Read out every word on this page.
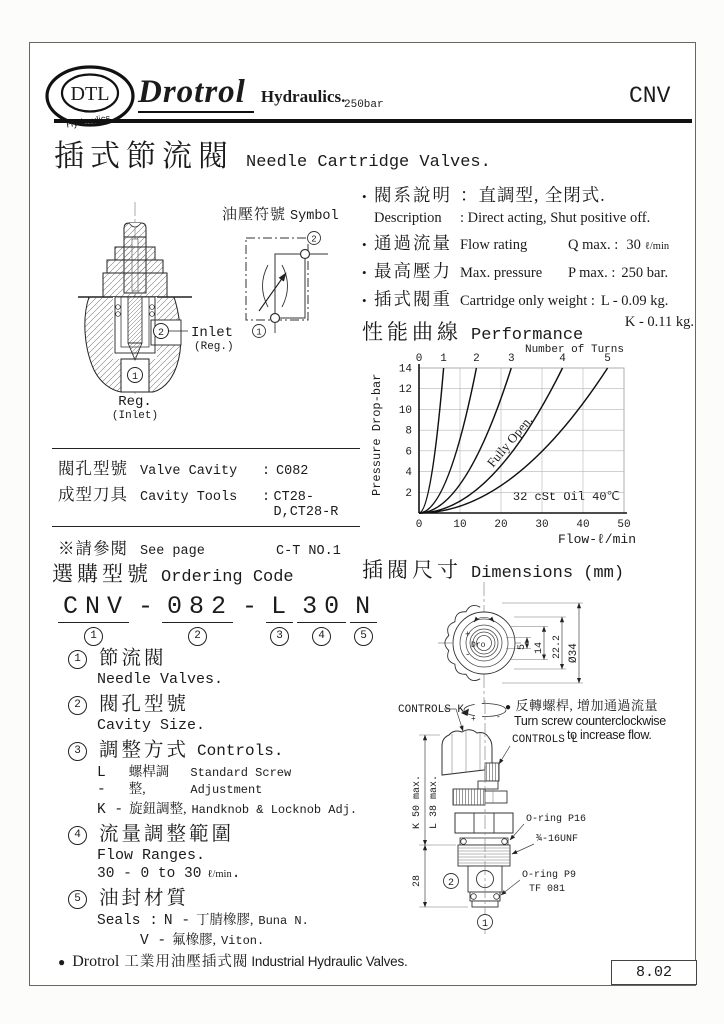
DTL Drotrol Hydraulics.
250bar	CNV
插式節流閥 Needle Cartridge Valves.
2 Inlet
(Reg.)
1
Reg.
(Inlet)
油壓符號 Symbol
2
1
• 閥系說明 ：直調型, 全閉式.
Description	: Direct acting, Shut positive off.
• 通過流量 Flow rating	Q max. : 30 ℓ/min
• 最高壓力 Max. pressure	P max. : 250 bar.
• 插式閥重 Cartridge only weight : L - 0.09 kg.
K - 0.11 kg.
性能曲線 Performance
Number of Turns
Pressure Drop-bar
Flow-ℓ/min
32 cSt Oil 40℃
Fully Open.
0	10	20	30	40	50
2
4
6
8
10
12
14
0 1 2	3	4	5
閥孔型號 Valve Cavity	: C082
成型刀具 Cavity Tools	: CT28-D,CT28-R
※請參閱 See page	C-T NO.1
選購型號 Ordering Code
CNV
1
- 082
2
- L
3
30
4
N
5
1 節流閥
Needle Valves.
2 閥孔型號
Cavity Size.
3 調整方式 Controls.
L -
螺桿調整,
Standard Screw Adjustment
K - 旋鈕調整, Handknob & Locknob Adj.
4 流量調整範圍
Flow Ranges.
30 - 0 to 30 ℓ/min .
5 油封材質
Seals : N - 丁腈橡膠, Buna N.
V - 氟橡膠, Viton.
插閥尺寸 Dimensions (mm)
+
-
Dro	5 14 22.2 Ø34
● 反轉螺桿, 增加通過流量
Turn screw counterclockwise
to increase flow.
+	-
CONTROLS K
CONTROLS L
K 50 max. L 38 max.
28
O-ring P16
¾-16UNF
O-ring P9
TF 081
2
1
● Drotrol 工業用油壓插式閥 Industrial Hydraulic Valves.
8.02
